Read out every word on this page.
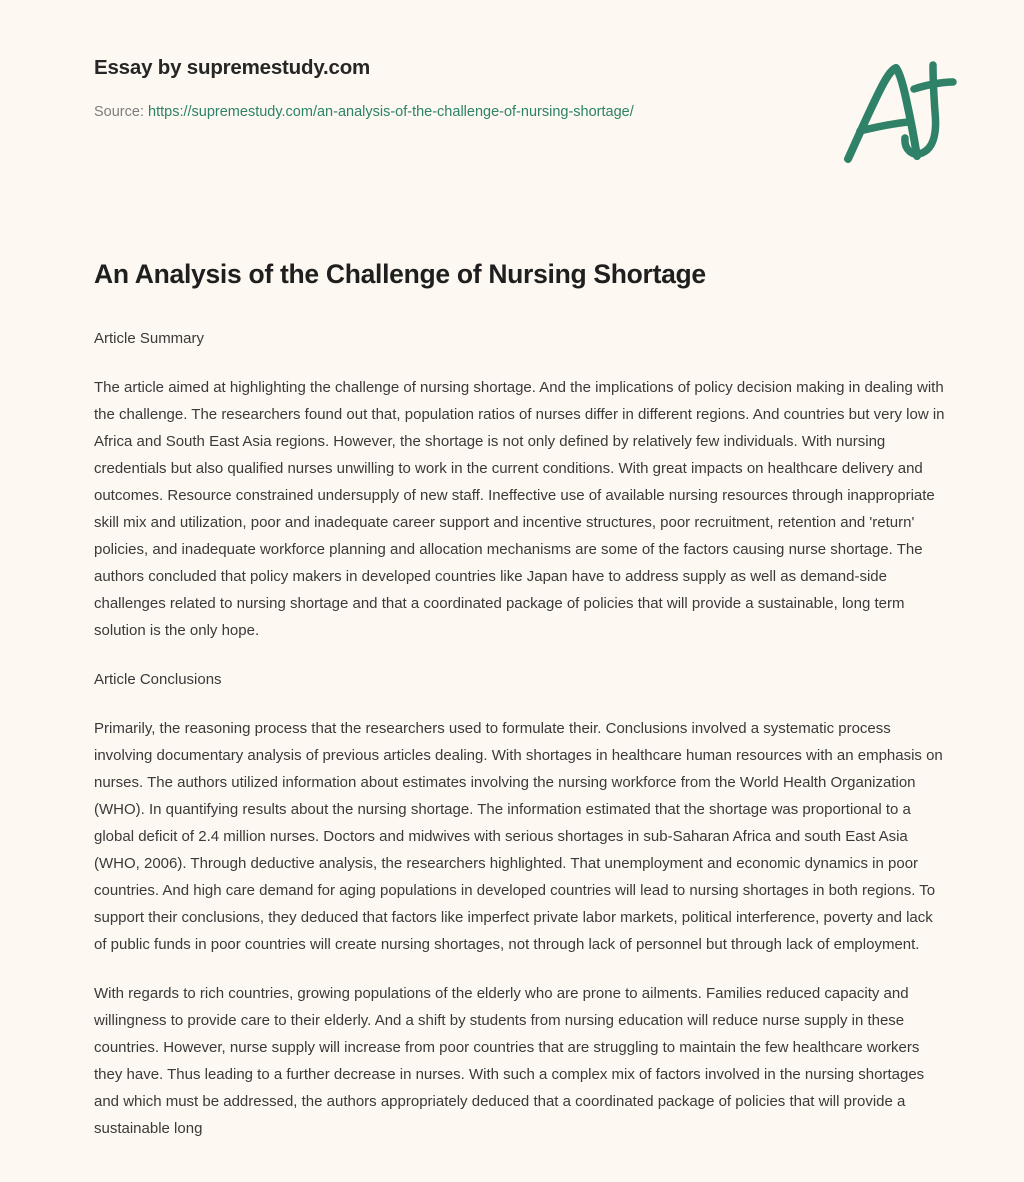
Essay by supremestudy.com
Source: https://supremestudy.com/an-analysis-of-the-challenge-of-nursing-shortage/
An Analysis of the Challenge of Nursing Shortage
Article Summary

The article aimed at highlighting the challenge of nursing shortage. And the implications of policy decision making in dealing with the challenge. The researchers found out that, population ratios of nurses differ in different regions. And countries but very low in Africa and South East Asia regions. However, the shortage is not only defined by relatively few individuals. With nursing credentials but also qualified nurses unwilling to work in the current conditions. With great impacts on healthcare delivery and outcomes. Resource constrained undersupply of new staff. Ineffective use of available nursing resources through inappropriate skill mix and utilization, poor and inadequate career support and incentive structures, poor recruitment, retention and 'return' policies, and inadequate workforce planning and allocation mechanisms are some of the factors causing nurse shortage. The authors concluded that policy makers in developed countries like Japan have to address supply as well as demand-side challenges related to nursing shortage and that a coordinated package of policies that will provide a sustainable, long term solution is the only hope.

Article Conclusions

Primarily, the reasoning process that the researchers used to formulate their. Conclusions involved a systematic process involving documentary analysis of previous articles dealing. With shortages in healthcare human resources with an emphasis on nurses. The authors utilized information about estimates involving the nursing workforce from the World Health Organization (WHO). In quantifying results about the nursing shortage. The information estimated that the shortage was proportional to a global deficit of 2.4 million nurses. Doctors and midwives with serious shortages in sub-Saharan Africa and south East Asia (WHO, 2006). Through deductive analysis, the researchers highlighted. That unemployment and economic dynamics in poor countries. And high care demand for aging populations in developed countries will lead to nursing shortages in both regions. To support their conclusions, they deduced that factors like imperfect private labor markets, political interference, poverty and lack of public funds in poor countries will create nursing shortages, not through lack of personnel but through lack of employment.

With regards to rich countries, growing populations of the elderly who are prone to ailments. Families reduced capacity and willingness to provide care to their elderly. And a shift by students from nursing education will reduce nurse supply in these countries. However, nurse supply will increase from poor countries that are struggling to maintain the few healthcare workers they have. Thus leading to a further decrease in nurses. With such a complex mix of factors involved in the nursing shortages and which must be addressed, the authors appropriately deduced that a coordinated package of policies that will provide a sustainable long
